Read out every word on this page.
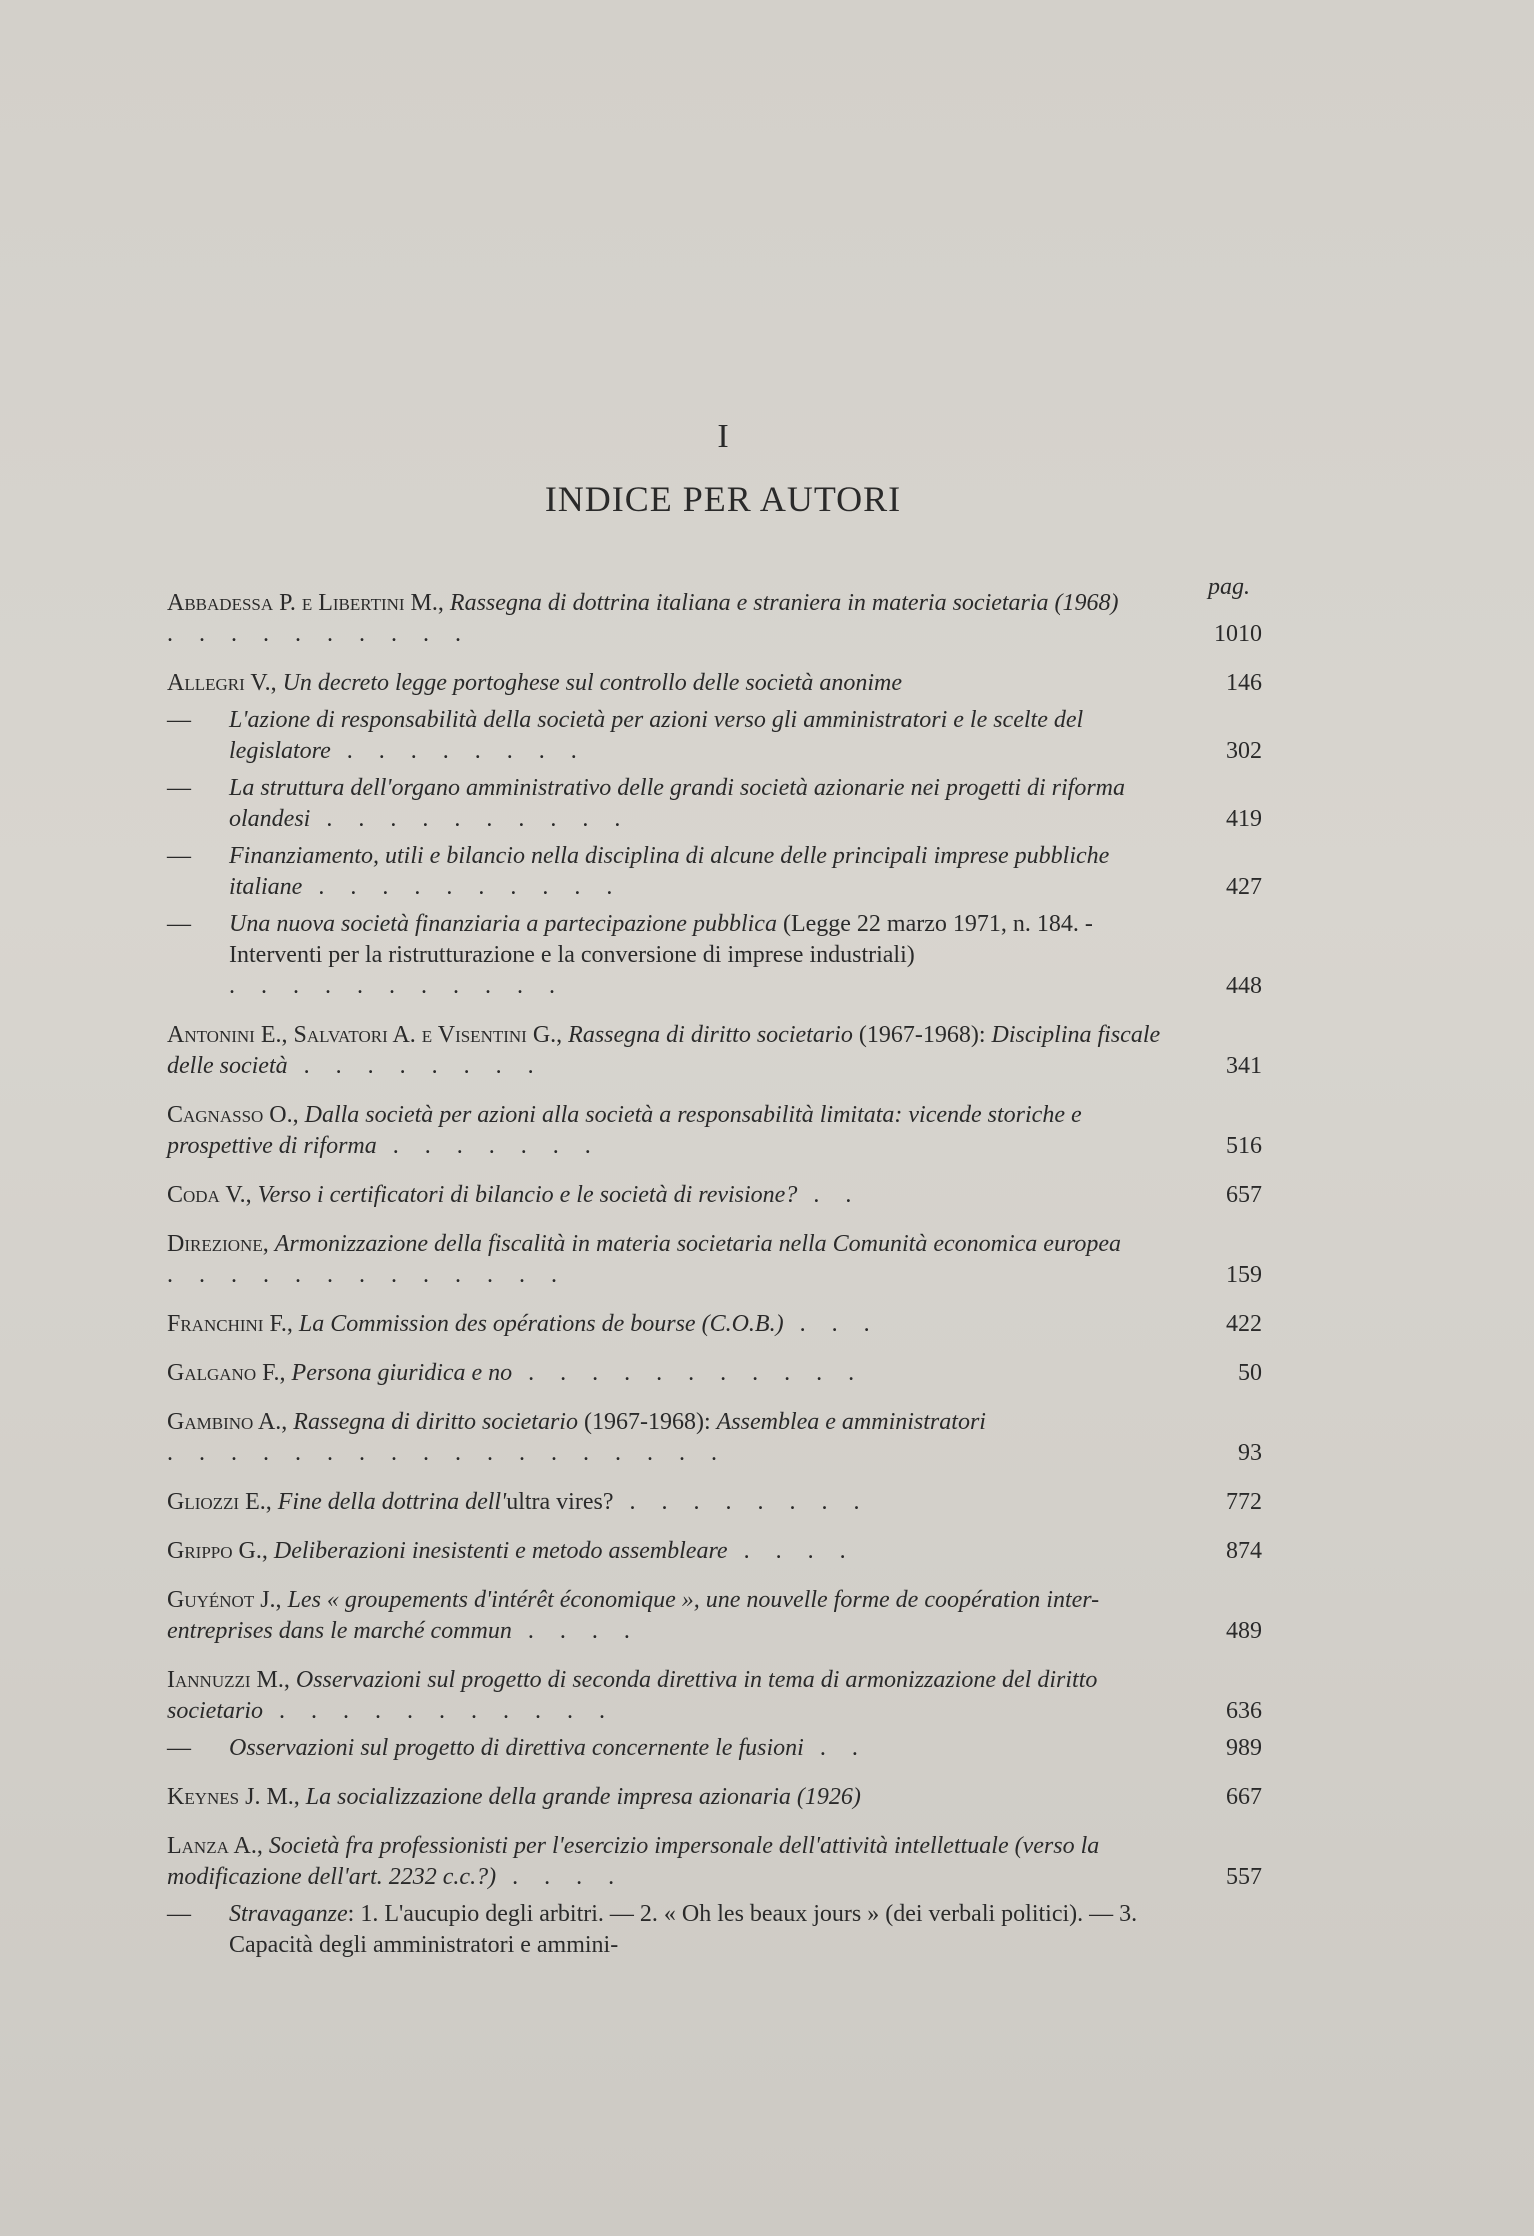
I
INDICE PER AUTORI
pag.
Abbadessa P. e Libertini M., Rassegna di dottrina italiana e straniera in materia societaria (1968) . . . . . . . . . .	1010
Allegri V., Un decreto legge portoghese sul controllo delle società anonime	146
— L'azione di responsabilità della società per azioni verso gli amministratori e le scelte del legislatore . . . . . . . .	302
— La struttura dell'organo amministrativo delle grandi società azionarie nei progetti di riforma olandesi . . . . . . . . . .	419
— Finanziamento, utili e bilancio nella disciplina di alcune delle principali imprese pubbliche italiane . . . . . . . . . .	427
— Una nuova società finanziaria a partecipazione pubblica (Legge 22 marzo 1971, n. 184. - Interventi per la ristrutturazione e la conversione di imprese industriali) . . . . . . . . . . .	448
Antonini E., Salvatori A. e Visentini G., Rassegna di diritto societario (1967-1968): Disciplina fiscale delle società . . . . . . . .	341
Cagnasso O., Dalla società per azioni alla società a responsabilità limitata: vicende storiche e prospettive di riforma . . . . . . .	516
Coda V., Verso i certificatori di bilancio e le società di revisione? . .	657
Direzione, Armonizzazione della fiscalità in materia societaria nella Comunità economica europea . . . . . . . . . . . . .	159
Franchini F., La Commission des opérations de bourse (C.O.B.) . . .	422
Galgano F., Persona giuridica e no . . . . . . . . . . .	50
Gambino A., Rassegna di diritto societario (1967-1968): Assemblea e amministratori . . . . . . . . . . . . . . . . . .	93
Gliozzi E., Fine della dottrina dell'ultra vires? . . . . . . . .	772
Grippo G., Deliberazioni inesistenti e metodo assembleare . . . .	874
Guyénot J., Les « groupements d'intérêt économique », une nouvelle forme de coopération inter-entreprises dans le marché commun . . . .	489
Iannuzzi M., Osservazioni sul progetto di seconda direttiva in tema di armonizzazione del diritto societario . . . . . . . . . . .	636
— Osservazioni sul progetto di direttiva concernente le fusioni . .	989
Keynes J. M., La socializzazione della grande impresa azionaria (1926)	667
Lanza A., Società fra professionisti per l'esercizio impersonale dell'attività intellettuale (verso la modificazione dell'art. 2232 c.c.?) . . . .	557
— Stravaganze: 1. L'aucupio degli arbitri. — 2. « Oh les beaux jours » (dei verbali politici). — 3. Capacità degli amministratori e ammini-
